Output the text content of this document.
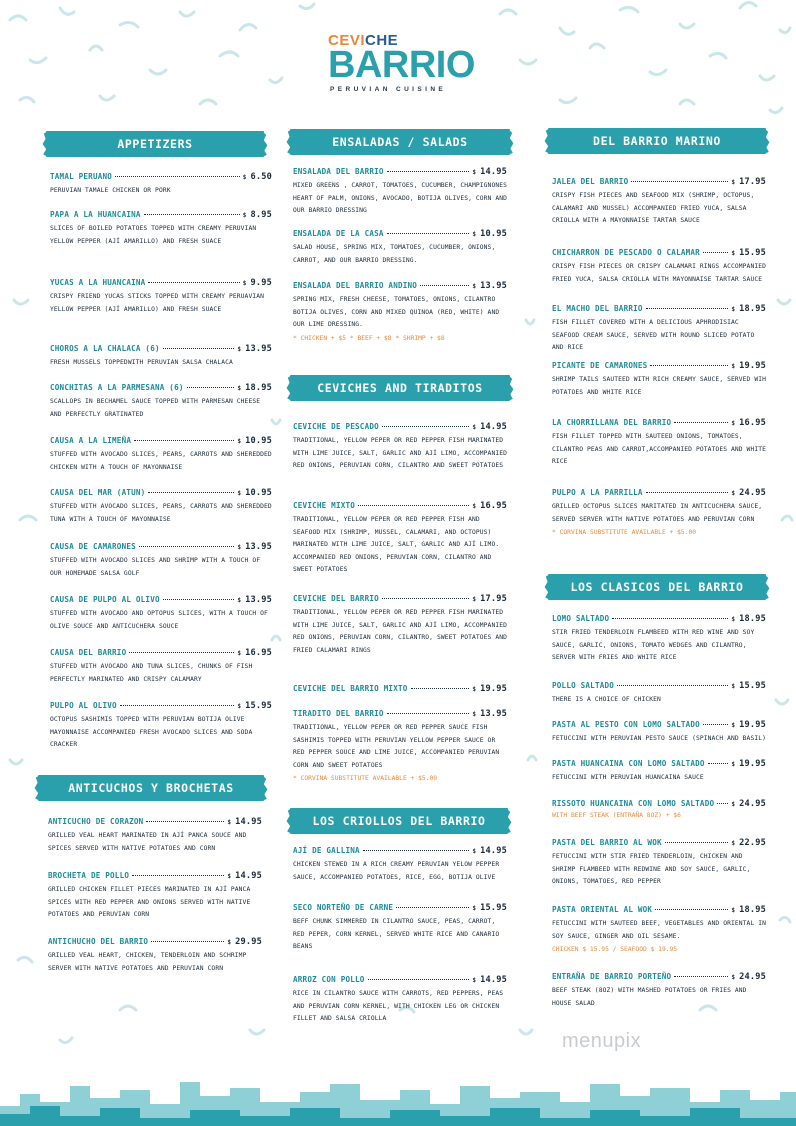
CEVICHE
BARRIO
PERUVIAN CUISINE
APPETIZERS
TAMAL PERUANO	$ 6.50
PERUVIAN TAMALE CHICKEN OR PORK
PAPA A LA HUANCAINA	$ 8.95
SLICES OF BOILED POTATOES TOPPED WITH CREAMY PERUVIAN YELLOW PEPPER (AJÍ AMARILLO) AND FRESH SUACE
YUCAS A LA HUANCAINA	$ 9.95
CRISPY FRIEND YUCAS STICKS TOPPED WITH CREAMY PERUAVIAN YELLOW PEPPER (AJÍ AMARILLO) AND FRESH SUACE
CHOROS A LA CHALACA (6)	$ 13.95
FRESH MUSSELS TOPPEDWITH PERUVIAN SALSA CHALACA
CONCHITAS A LA PARMESANA (6)	$ 18.95
SCALLOPS IN BECHAMEL SAUCE TOPPED WITH PARMESAN CHEESE AND PERFECTLY GRATINATED
CAUSA A LA LIMEÑA	$ 10.95
STUFFED WITH AVOCADO SLICES, PEARS, CARROTS AND SHEREDDED CHICKEN WITH A TOUCH OF MAYONNAISE
CAUSA DEL MAR (ATUN)	$ 10.95
STUFFED WITH AVOCADO SLICES, PEARS, CARROTS AND SHEREDDED TUNA WITH A TOUCH OF MAYONNAISE
CAUSA DE CAMARONES	$ 13.95
STUFFED WITH AVOCADO SLICES AND SHRIMP WITH A TOUCH OF OUR HOMEMADE SALSA GOLF
CAUSA DE PULPO AL OLIVO	$ 13.95
STUFFED WITH AVOCADO AND OPTOPUS SLICES, WITH A TOUCH OF OLIVE SOUCE AND ANTICUCHERA SOUCE
CAUSA DEL BARRIO	$ 16.95
STUFFED WITH AVOCADO AND TUNA SLICES, CHUNKS OF FISH PERFECTLY MARINATED AND CRISPY CALAMARY
PULPO AL OLIVO	$ 15.95
OCTOPUS SASHIMIS TOPPED WITH PERUVIAN BOTIJA OLIVE MAYONNAISE ACCOMPANIED FRESH AVOCADO SLICES AND SODA CRACKER
ANTICUCHOS Y BROCHETAS
ANTICUCHO DE CORAZON	$ 14.95
GRILLED VEAL HEART MARINATED IN AJÍ PANCA SOUCE AND SPICES SERVED WITH NATIVE POTATOES AND CORN
BROCHETA DE POLLO	$ 14.95
GRILLED CHICKEN FILLET PIECES MARINATED IN AJÍ PANCA SPICES WITH RED PEPPER AND ONIONS SERVED WITH NATIVE POTATOES AND PERUVIAN CORN
ANTICHUCHO DEL BARRIO	$ 29.95
GRILLED VEAL HEART, CHICKEN, TENDERLOIN AND SCHRIMP SERVER WITH NATIVE POTATOES AND PERUVIAN CORN
ENSALADAS / SALADS
ENSALADA DEL BARRIO	$ 14.95
MIXED GREENS , CARROT, TOMATOES, CUCUMBER, CHAMPIGNONES HEART OF PALM, ONIONS, AVOCADO, BOTIJA OLIVES, CORN AND OUR BARRIO DRESSING
ENSALADA DE LA CASA	$ 10.95
SALAD HOUSE, SPRING MIX, TOMATOES, CUCUMBER, ONIONS, CARROT, AND OUR BARRIO DRESSING.
ENSALADA DEL BARRIO ANDINO	$ 13.95
SPRING MIX, FRESH CHEESE, TOMATOES, ONIONS, CILANTRO BOTIJA OLIVES, CORN AND MIXED QUINOA (RED, WHITE) AND OUR LIME DRESSING.
* CHICKEN + $5 * BEEF + $8 * SHRIMP + $8
CEVICHES AND TIRADITOS
CEVICHE DE PESCADO	$ 14.95
TRADITIONAL, YELLOW PEPER OR RED PEPPER FISH MARINATED WITH LIME JUICE, SALT, GARLIC AND AJÍ LIMO, ACCOMPANIED RED ONIONS, PERUVIAN CORN, CILANTRO AND SWEET POTATOES
CEVICHE MIXTO	$ 16.95
TRADITIONAL, YELLOW PEPER OR RED PEPPER FISH AND SEAFOOD MIX (SHRIMP, MUSSEL, CALAMARI, AND OCTOPUS) MARINATED WITH LIME JUICE, SALT, GARLIC AND AJÍ LIMO. ACCOMPANIED RED ONIONS, PERUVIAN CORN, CILANTRO AND SWEET POTATOES
CEVICHE DEL BARRIO	$ 17.95
TRADITIONAL, YELLOW PEPER OR RED PEPPER FISH MARINATED WITH LIME JUICE, SALT, GARLIC AND AJÍ LIMO, ACCOMPANIED RED ONIONS, PERUVIAN CORN, CILANTRO, SWEET POTATOES AND FRIED CALAMARI RINGS
CEVICHE DEL BARRIO MIXTO	$ 19.95
TIRADITO DEL BARRIO	$ 13.95
TRADITIONAL, YELLOW PEPER OR RED PEPPER SAUCE FISH SASHIMIS TOPPED WITH PERUVIAN YELLOW PEPPER SAUCE OR RED PEPPER SOUCE AND LIME JUICE, ACCOMPANIED PERUVIAN CORN AND SWEET POTATOES
* CORVINA SUBSTITUTE AVAILABLE + $5.00
LOS CRIOLLOS DEL BARRIO
AJÍ DE GALLINA	$ 14.95
CHICKEN STEWED IN A RICH CREAMY PERUVIAN YELOW PEPPER SAUCE, ACCOMPANIED POTATOES, RICE, EGG, BOTIJA OLIVE
SECO NORTEÑO DE CARNE	$ 15.95
BEFF CHUNK SIMMERED IN CILANTRO SAUCE, PEAS, CARROT, RED PEPER, CORN KERNEL, SERVED WHITE RICE AND CANARIO BEANS
ARROZ CON POLLO	$ 14.95
RICE IN CILANTRO SAUCE WITH CARROTS, RED PEPPERS, PEAS AND PERUVIAN CORN KERNEL, WITH CHICKEN LEG OR CHICKEN FILLET AND SALSA CRIOLLA
DEL BARRIO MARINO
JALEA DEL BARRIO	$ 17.95
CRISPY FISH PIECES AND SEAFOOD MIX (SHRIMP, OCTOPUS, CALAMARI AND MUSSEL) ACCOMPANIED FRIED YUCA, SALSA CRIOLLA WITH A MAYONNAISE TARTAR SAUCE
CHICHARRON DE PESCADO O CALAMAR	$ 15.95
CRISPY FISH PIECES OR CRISPY CALAMARI RINGS ACCOMPANIED FRIED YUCA, SALSA CRIOLLA WITH MAYONNAISE TARTAR SAUCE
EL MACHO DEL BARRIO	$ 18.95
FISH FILLET COVERED WITH A DELICIOUS APHRODISIAC SEAFOOD CREAM SAUCE, SERVED WITH ROUND SLICED POTATO AND RICE
PICANTE DE CAMARONES	$ 19.95
SHRIMP TAILS SAUTEED WITH RICH CREAMY SAUCE, SERVED WIH POTATOES AND WHITE RICE
LA CHORRILLANA DEL BARRIO	$ 16.95
FISH FILLET TOPPED WITH SAUTEED ONIONS, TOMATOES, CILANTRO PEAS AND CARROT,ACCOMPANIED POTATOES AND WHITE RICE
PULPO A LA PARRILLA	$ 24.95
GRILLED OCTOPUS SLICES MARITATED IN ANTICUCHERA SAUCE, SERVED SERVER WITH NATIVE POTATOES AND PERUVIAN CORN
* CORVINA SUBSTITUTE AVAILABLE + $5.00
LOS CLASICOS DEL BARRIO
LOMO SALTADO	$ 18.95
STIR FRIED TENDERLOIN FLAMBEED WITH RED WINE AND SOY SAUCE, GARLIC, ONIONS, TOMATO WEDGES AND CILANTRO, SERVER WITH FRIES AND WHITE RICE
POLLO SALTADO	$ 15.95
THERE IS A CHOICE OF CHICKEN
PASTA AL PESTO CON LOMO SALTADO	$ 19.95
FETUCCINI WITH PERUVIAN PESTO SAUCE (SPINACH AND BASIL)
PASTA HUANCAINA CON LOMO SALTADO	$ 19.95
FETUCCINI WITH PERUVIAN HUANCAINA SAUCE
RISSOTO HUANCAINA CON LOMO SALTADO	$ 24.95
WITH BEEF STEAK (ENTRAÑA 8OZ) + $6
PASTA DEL BARRIO AL WOK	$ 22.95
FETUCCINI WITH STIR FRIED TENDERLOIN, CHICKEN AND SHRIMP FLAMBEED WITH REDWINE AND SOY SAUCE, GARLIC, ONIONS, TOMATOES, RED PEPPER
PASTA ORIENTAL AL WOK	$ 18.95
FETUCCINI WITH SAUTEED BEEF, VEGETABLES AND ORIENTAL IN SOY SAUCE, GINGER AND OIL SESAME.
CHICKEN $ 15.95 / SEAFOOD $ 19.95
ENTRAÑA DE BARRIO PORTEÑO	$ 24.95
BEEF STEAK (8OZ) WITH MASHED POTATOES OR FRIES AND HOUSE SALAD
menupix
